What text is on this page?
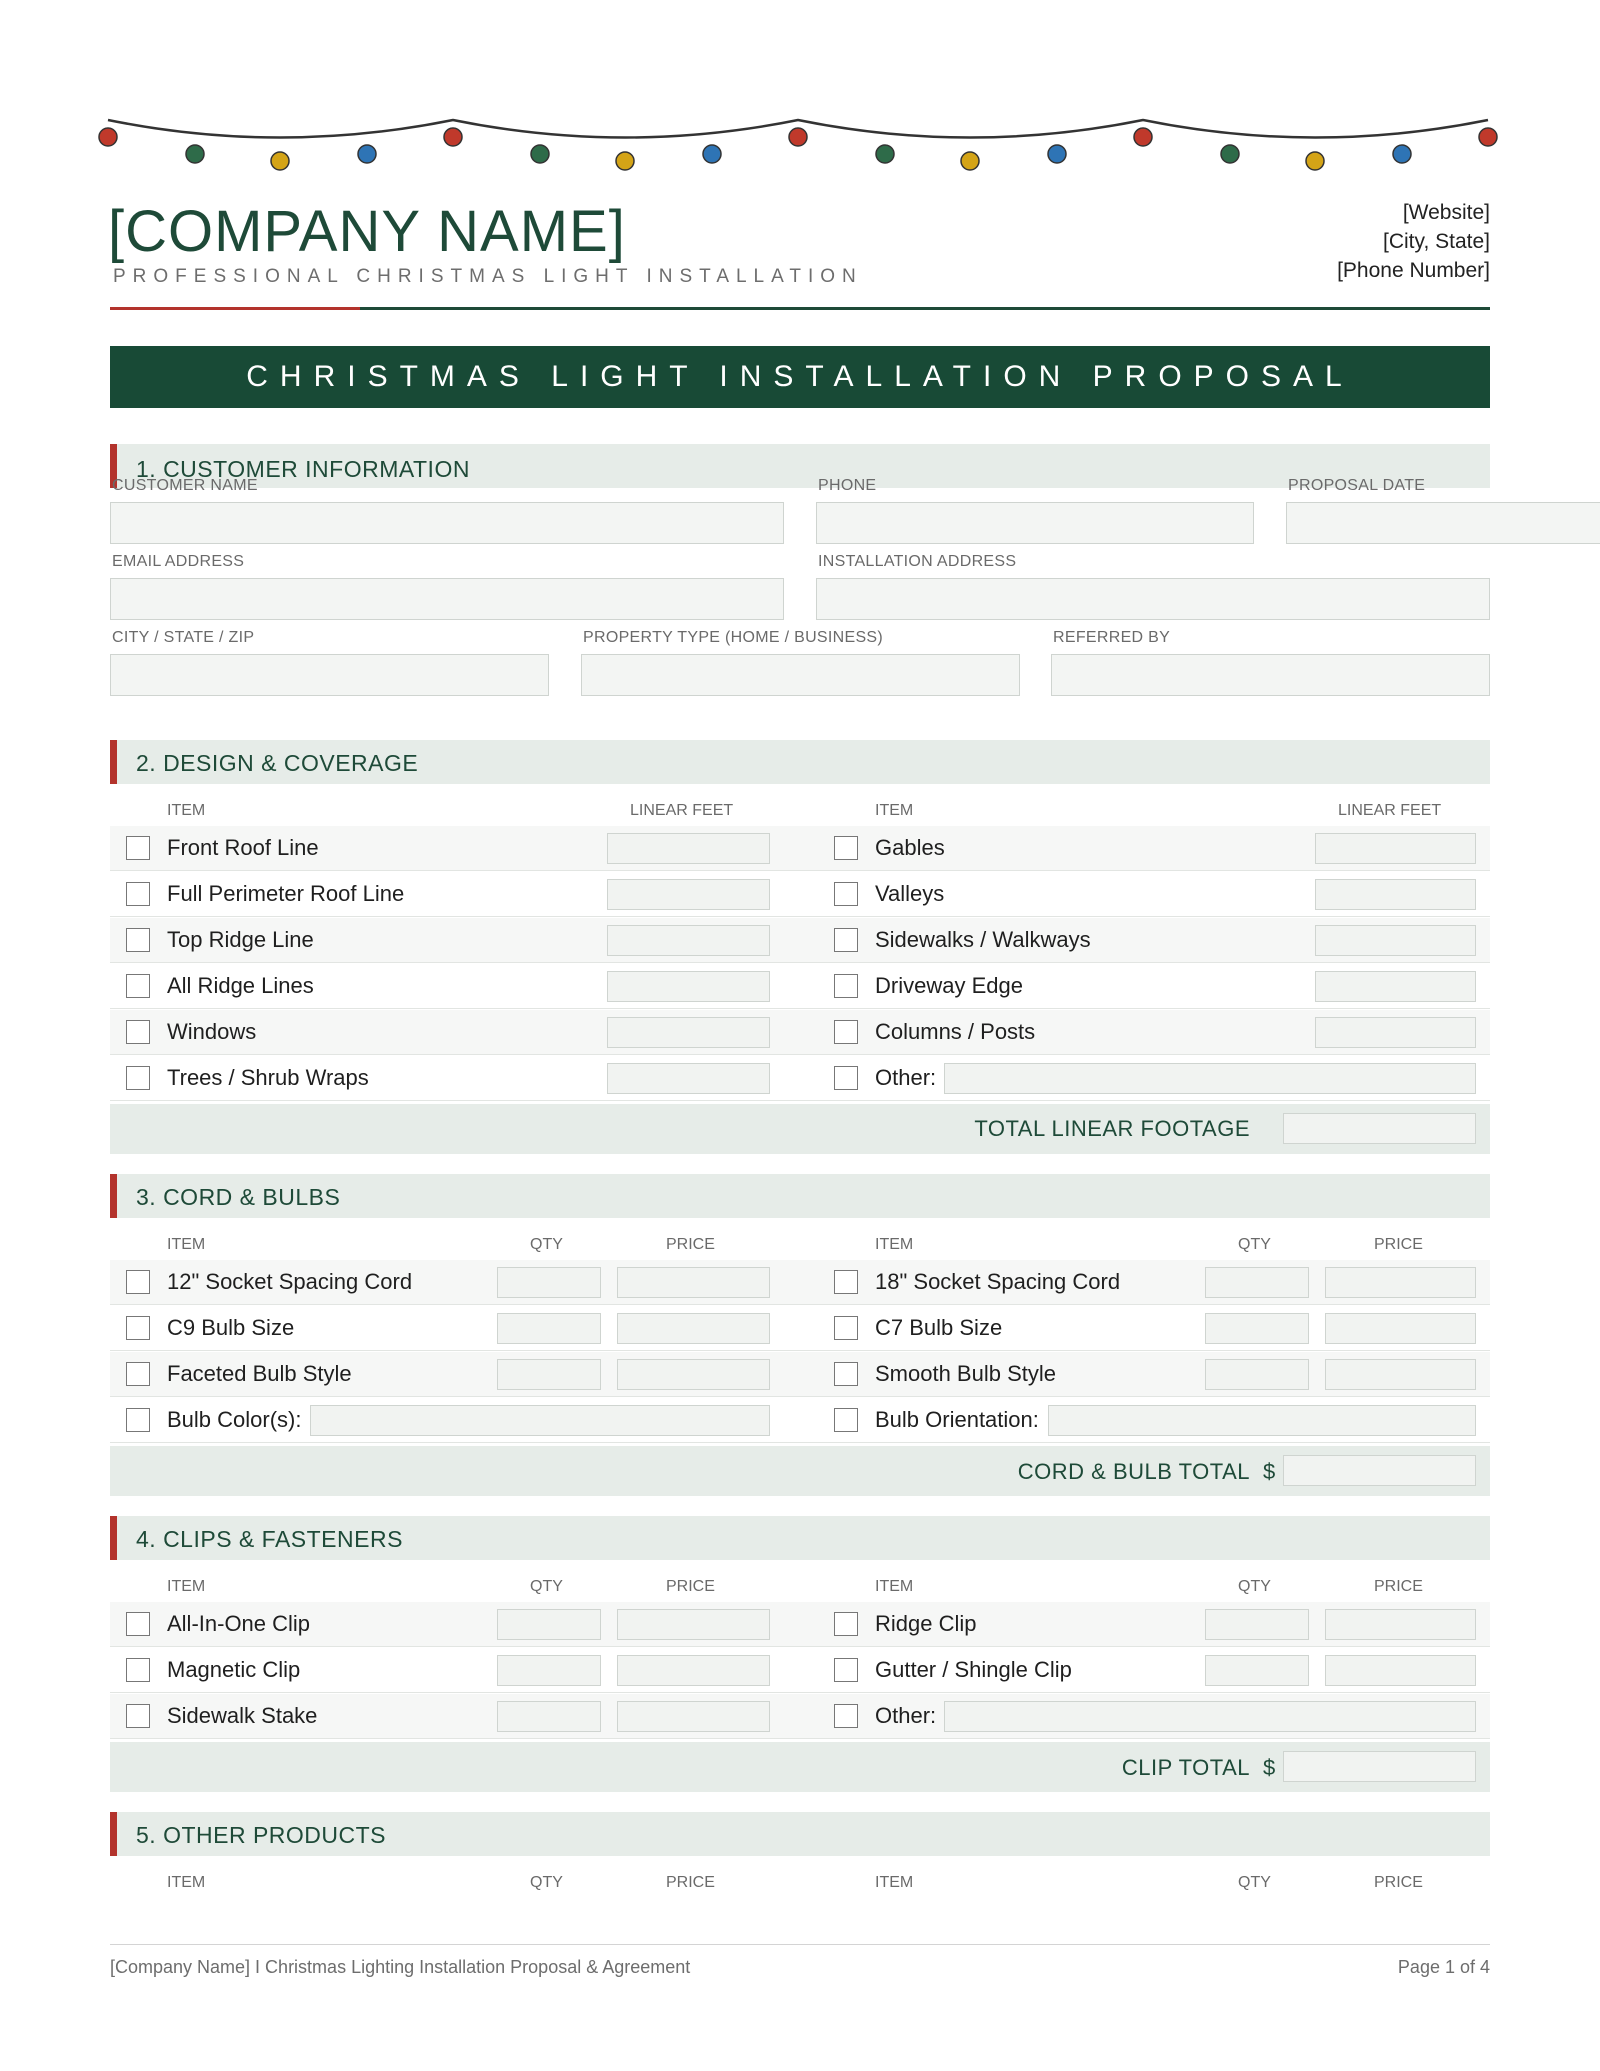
[COMPANY NAME]
PROFESSIONAL CHRISTMAS LIGHT INSTALLATION
[Website]
[City, State]
[Phone Number]
CHRISTMAS LIGHT INSTALLATION PROPOSAL
1. CUSTOMER INFORMATION
CUSTOMER NAME	PHONE	PROPOSAL DATE
EMAIL ADDRESS	INSTALLATION ADDRESS
CITY / STATE / ZIP	PROPERTY TYPE (HOME / BUSINESS)	REFERRED BY
2. DESIGN & COVERAGE
ITEM	LINEAR FEET	ITEM	LINEAR FEET
Front Roof Line	Gables
Full Perimeter Roof Line	Valleys
Top Ridge Line	Sidewalks / Walkways
All Ridge Lines	Driveway Edge
Windows	Columns / Posts
Trees / Shrub Wraps	Other:
TOTAL LINEAR FOOTAGE
3. CORD & BULBS
ITEM	QTY	PRICE	ITEM	QTY	PRICE
12" Socket Spacing Cord	18" Socket Spacing Cord
C9 Bulb Size	C7 Bulb Size
Faceted Bulb Style	Smooth Bulb Style
Bulb Color(s):	Bulb Orientation:
CORD & BULB TOTAL $
4. CLIPS & FASTENERS
ITEM	QTY	PRICE	ITEM	QTY	PRICE
All-In-One Clip	Ridge Clip
Magnetic Clip	Gutter / Shingle Clip
Sidewalk Stake	Other:
CLIP TOTAL $
5. OTHER PRODUCTS
ITEM	QTY	PRICE	ITEM	QTY	PRICE
[Company Name] I Christmas Lighting Installation Proposal & Agreement	Page 1 of 4
